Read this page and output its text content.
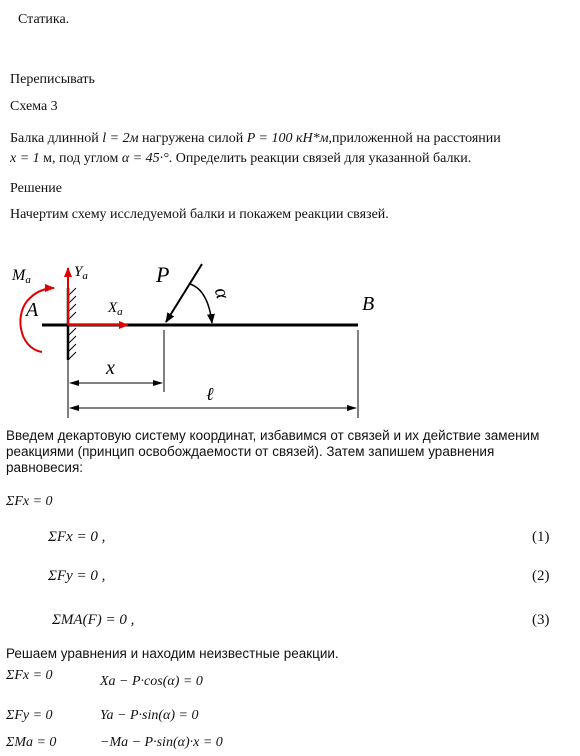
Статика.
Переписывать
Схема 3
Балка длинной l = 2м нагружена силой P = 100 кН*м,приложенной на расстоянии
x = 1 м, под углом α = 45·°. Определить реакции связей для указанной балки.
Решение
Начертим схему исследуемой балки и покажем реакции связей.
Ma	$Y_a$
A	$X_a$
P
α	B
x
ℓ
Введем декартовую систему координат, избавимся от связей и их действие заменим
реакциями (принцип освобождаемости от связей). Затем запишем уравнения
равновесия:
ΣFx = 0
ΣFx = 0 ,	(1)
ΣFy = 0 ,	(2)
ΣMA(F) = 0 ,	(3)
Решаем уравнения и находим неизвестные реакции.
ΣFx = 0	Xa − P·cos(α) = 0
ΣFy = 0	Ya − P·sin(α) = 0
ΣMa = 0	−Ma − P·sin(α)·x = 0
